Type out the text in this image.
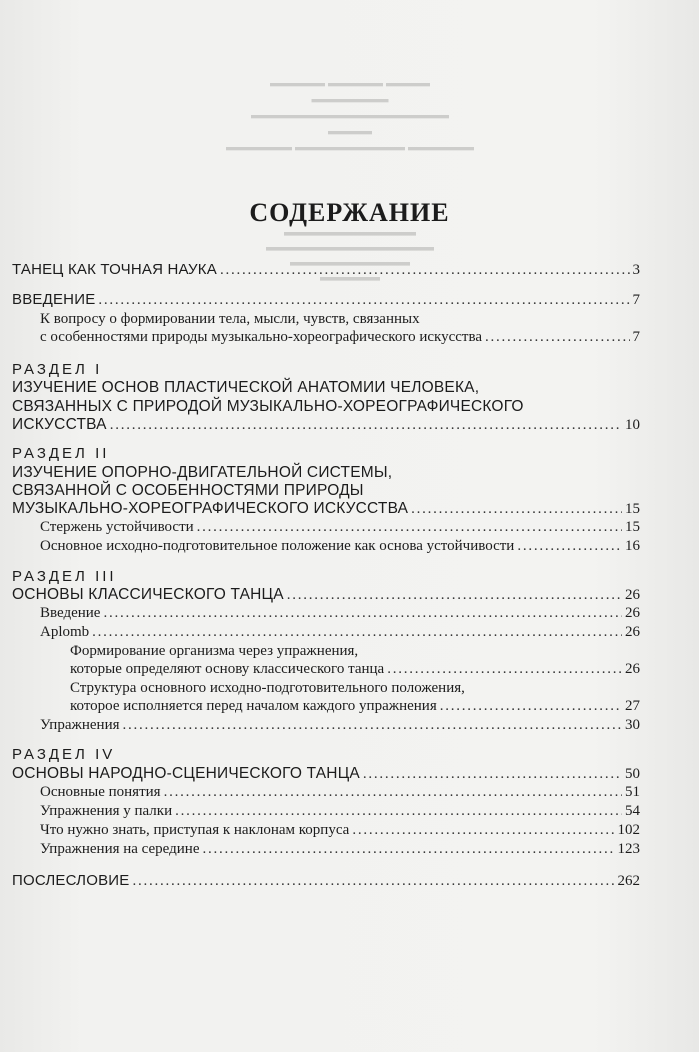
▬▬▬▬▬▬ ▬▬▬▬▬▬▬▬▬▬ ▬▬▬▬▬▬
▬▬▬▬
▬▬▬▬▬▬▬▬▬▬▬▬▬▬▬▬▬▬
▬▬▬▬▬▬▬
▬▬▬▬▬ ▬▬▬▬▬ ▬▬▬▬
▬▬▬▬▬
▬▬▬▬▬▬▬▬▬▬
▬▬▬▬▬▬▬▬▬▬▬▬▬▬
▬▬▬▬▬▬▬▬▬▬▬
СОДЕРЖАНИЕ
ТАНЕЦ КАК ТОЧНАЯ НАУКА . . .	3
ВВЕДЕНИЕ . . .	7
К вопросу о формировании тела, мысли, чувств, связанных
с особенностями природы музыкально-хореографического искусства . . .	7
РАЗДЕЛ I
ИЗУЧЕНИЕ ОСНОВ ПЛАСТИЧЕСКОЙ АНАТОМИИ ЧЕЛОВЕКА,
СВЯЗАННЫХ С ПРИРОДОЙ МУЗЫКАЛЬНО-ХОРЕОГРАФИЧЕСКОГО
ИСКУССТВА . . .	10
РАЗДЕЛ II
ИЗУЧЕНИЕ ОПОРНО-ДВИГАТЕЛЬНОЙ СИСТЕМЫ,
СВЯЗАННОЙ С ОСОБЕННОСТЯМИ ПРИРОДЫ
МУЗЫКАЛЬНО-ХОРЕОГРАФИЧЕСКОГО ИСКУССТВА . . .	15
Стержень устойчивости . . .	15
Основное исходно-подготовительное положение как основа устойчивости . . .	16
РАЗДЕЛ III
ОСНОВЫ КЛАССИЧЕСКОГО ТАНЦА . . .	26
Введение . . .	26
Aplomb . . .	26
Формирование организма через упражнения,
которые определяют основу классического танца . . .	26
Структура основного исходно-подготовительного положения,
которое исполняется перед началом каждого упражнения . . .	27
Упражнения . . .	30
РАЗДЕЛ IV
ОСНОВЫ НАРОДНО-СЦЕНИЧЕСКОГО ТАНЦА . . .	50
Основные понятия . . .	51
Упражнения у палки . . .	54
Что нужно знать, приступая к наклонам корпуса . . .	102
Упражнения на середине . . .	123
ПОСЛЕСЛОВИЕ . . .	262
